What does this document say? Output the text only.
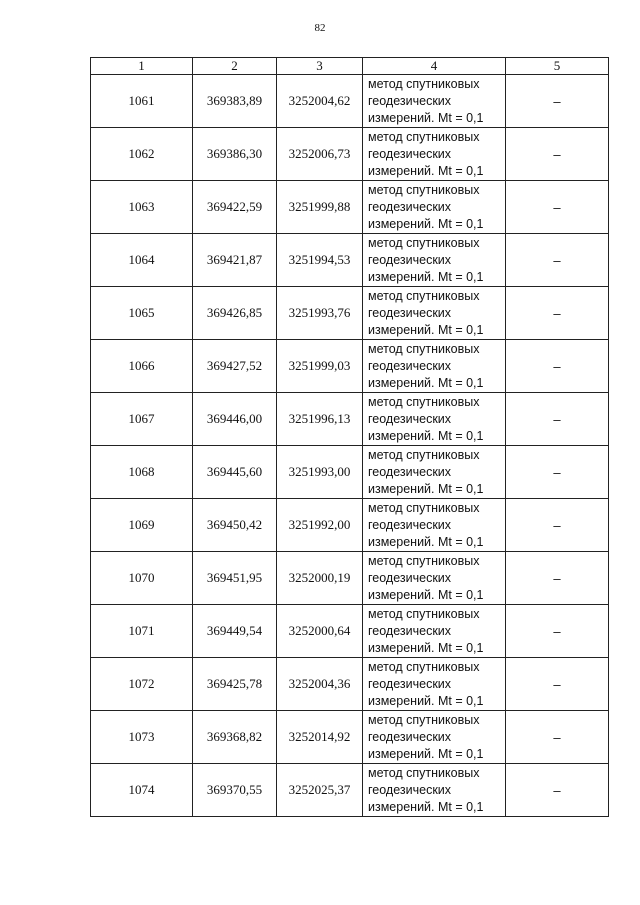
82
1	2	3	4	5
1061	369383,89	3252004,62	метод спутниковых
геодезических
измерений. Mt = 0,1	–
1062	369386,30	3252006,73	метод спутниковых
геодезических
измерений. Mt = 0,1	–
1063	369422,59	3251999,88	метод спутниковых
геодезических
измерений. Mt = 0,1	–
1064	369421,87	3251994,53	метод спутниковых
геодезических
измерений. Mt = 0,1	–
1065	369426,85	3251993,76	метод спутниковых
геодезических
измерений. Mt = 0,1	–
1066	369427,52	3251999,03	метод спутниковых
геодезических
измерений. Mt = 0,1	–
1067	369446,00	3251996,13	метод спутниковых
геодезических
измерений. Mt = 0,1	–
1068	369445,60	3251993,00	метод спутниковых
геодезических
измерений. Mt = 0,1	–
1069	369450,42	3251992,00	метод спутниковых
геодезических
измерений. Mt = 0,1	–
1070	369451,95	3252000,19	метод спутниковых
геодезических
измерений. Mt = 0,1	–
1071	369449,54	3252000,64	метод спутниковых
геодезических
измерений. Mt = 0,1	–
1072	369425,78	3252004,36	метод спутниковых
геодезических
измерений. Mt = 0,1	–
1073	369368,82	3252014,92	метод спутниковых
геодезических
измерений. Mt = 0,1	–
1074	369370,55	3252025,37	метод спутниковых
геодезических
измерений. Mt = 0,1	–
